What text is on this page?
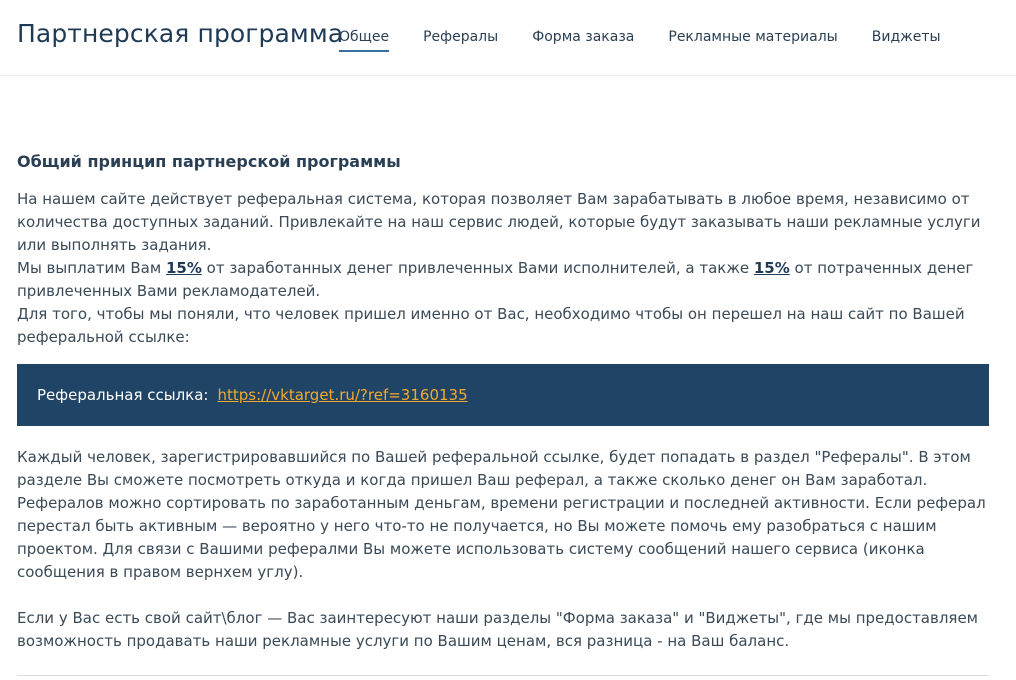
Партнерская программа
Общее Рефералы Форма заказа Рекламные материалы Виджеты
Общий принцип партнерской программы
На нашем сайте действует реферальная система, которая позволяет Вам зарабатывать в любое время, независимо от количества доступных заданий. Привлекайте на наш сервис людей, которые будут заказывать наши рекламные услуги или выполнять задания.
Мы выплатим Вам 15% от заработанных денег привлеченных Вами исполнителей, а также 15% от потраченных денег привлеченных Вами рекламодателей.
Для того, чтобы мы поняли, что человек пришел именно от Вас, необходимо чтобы он перешел на наш сайт по Вашей реферальной ссылке:
Реферальная ссылка: https://vktarget.ru/?ref=3160135

Каждый человек, зарегистрировавшийся по Вашей реферальной ссылке, будет попадать в раздел "Рефералы". В этом разделе Вы сможете посмотреть откуда и когда пришел Ваш реферал, а также сколько денег он Вам заработал. Рефералов можно сортировать по заработанным деньгам, времени регистрации и последней активности. Если реферал перестал быть активным — вероятно у него что-то не получается, но Вы можете помочь ему разобраться с нашим проектом. Для связи с Вашими рефералми Вы можете использовать систему сообщений нашего сервиса (иконка сообщения в правом вернхем углу).

Если у Вас есть свой сайт\блог — Вас заинтересуют наши разделы "Форма заказа" и "Виджеты", где мы предоставляем возможность продавать наши рекламные услуги по Вашим ценам, вся разница - на Ваш баланс.
